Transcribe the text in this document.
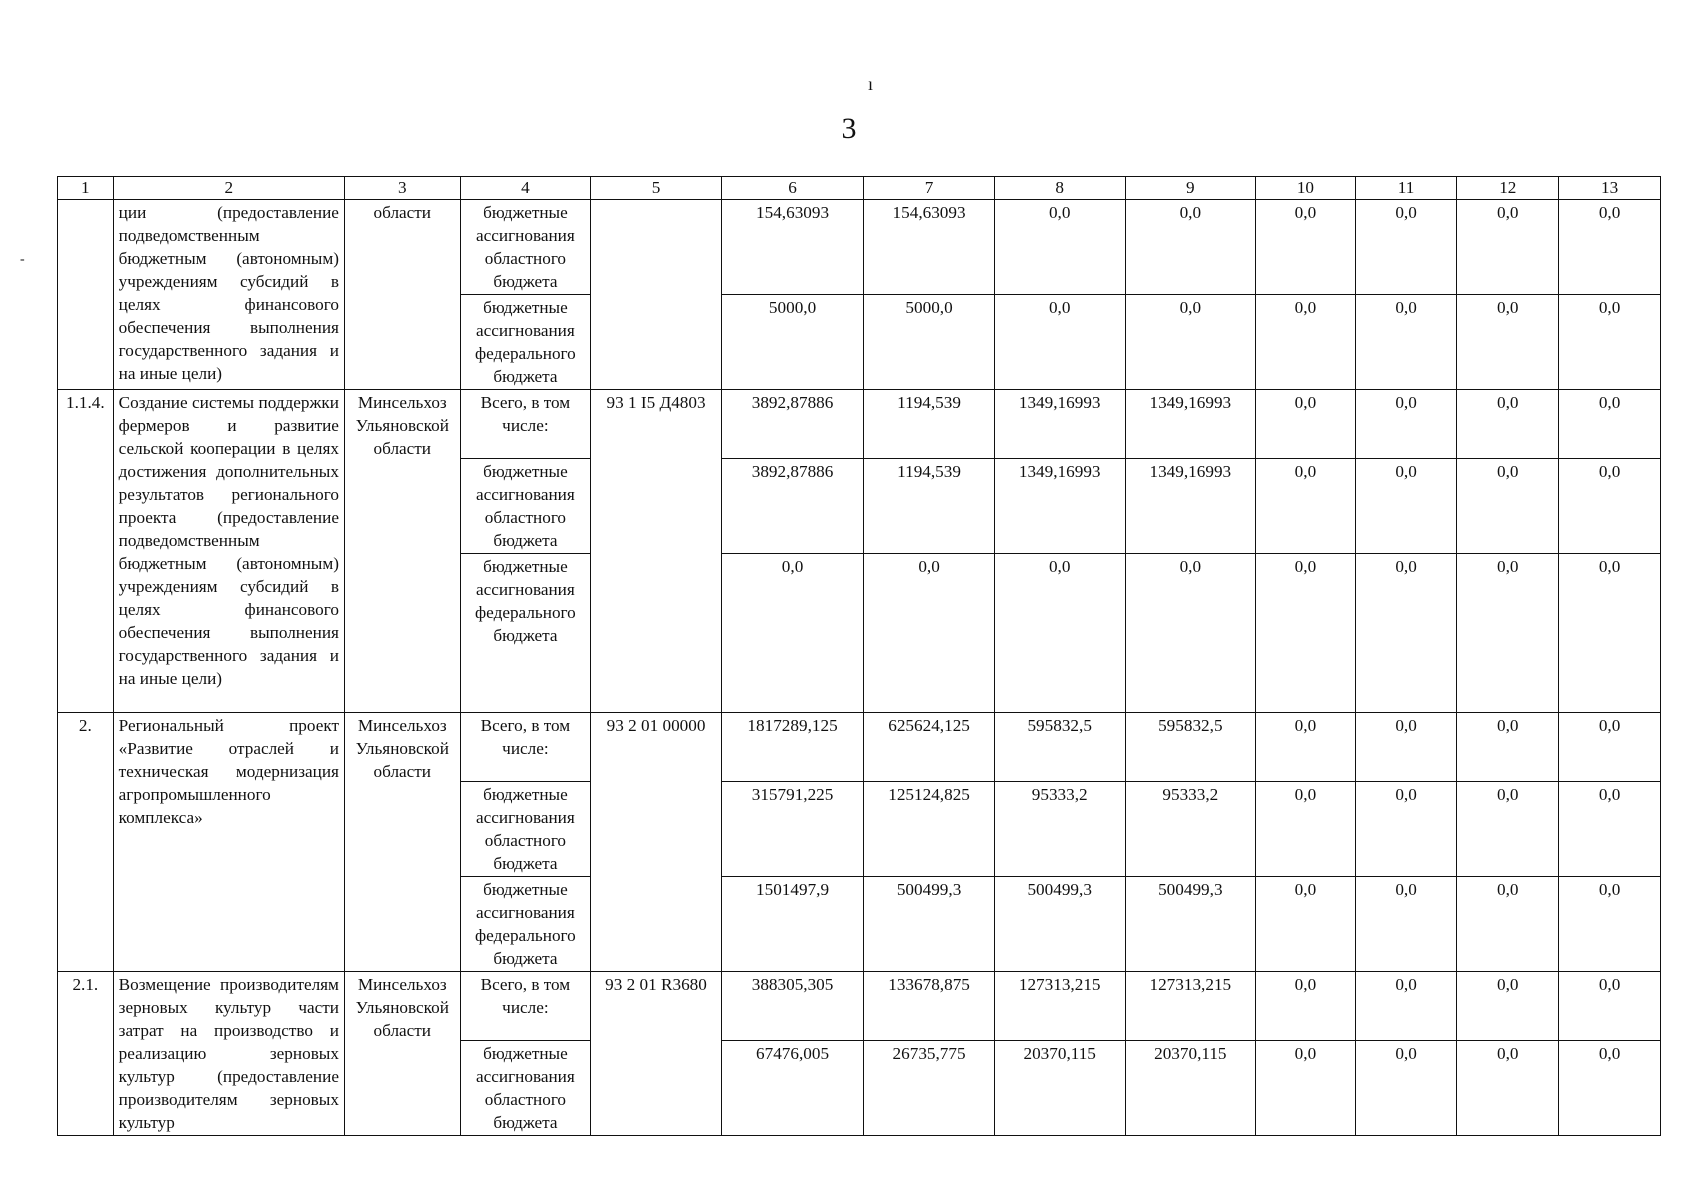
ı
3
-
1	2	3	4	5	6	7	8	9	10	11	12	13
	ции (предоставление подведомственным бюджетным (автономным) учреждениям субсидий в целях финансового обеспечения выполнения государственного задания и на иные цели)	области	бюджетные ассигнования областного бюджета		154,63093	154,63093	0,0	0,0	0,0	0,0	0,0	0,0
			бюджетные ассигнования федерального бюджета		5000,0	5000,0	0,0	0,0	0,0	0,0	0,0	0,0
1.1.4.	Создание системы поддержки фермеров и развитие сельской кооперации в целях достижения дополнительных результатов регионального проекта (предоставление подведомственным бюджетным (автономным) учреждениям субсидий в целях финансового обеспечения выполнения государственного задания и на иные цели)	Минсельхоз Ульяновской области	Всего, в том числе:	93 1 I5 Д4803	3892,87886	1194,539	1349,16993	1349,16993	0,0	0,0	0,0	0,0
			бюджетные ассигнования областного бюджета		3892,87886	1194,539	1349,16993	1349,16993	0,0	0,0	0,0	0,0
			бюджетные ассигнования федерального бюджета		0,0	0,0	0,0	0,0	0,0	0,0	0,0	0,0
2.	Региональный проект «Развитие отраслей и техническая модернизация агропромышленного комплекса»	Минсельхоз Ульяновской области	Всего, в том числе:	93 2 01 00000	1817289,125	625624,125	595832,5	595832,5	0,0	0,0	0,0	0,0
			бюджетные ассигнования областного бюджета		315791,225	125124,825	95333,2	95333,2	0,0	0,0	0,0	0,0
			бюджетные ассигнования федерального бюджета		1501497,9	500499,3	500499,3	500499,3	0,0	0,0	0,0	0,0
2.1.	Возмещение производителям зерновых культур части затрат на производство и реализацию зерновых культур (предоставление производителям зерновых культур	Минсельхоз Ульяновской области	Всего, в том числе:	93 2 01 R3680	388305,305	133678,875	127313,215	127313,215	0,0	0,0	0,0	0,0
			бюджетные ассигнования областного бюджета		67476,005	26735,775	20370,115	20370,115	0,0	0,0	0,0	0,0
